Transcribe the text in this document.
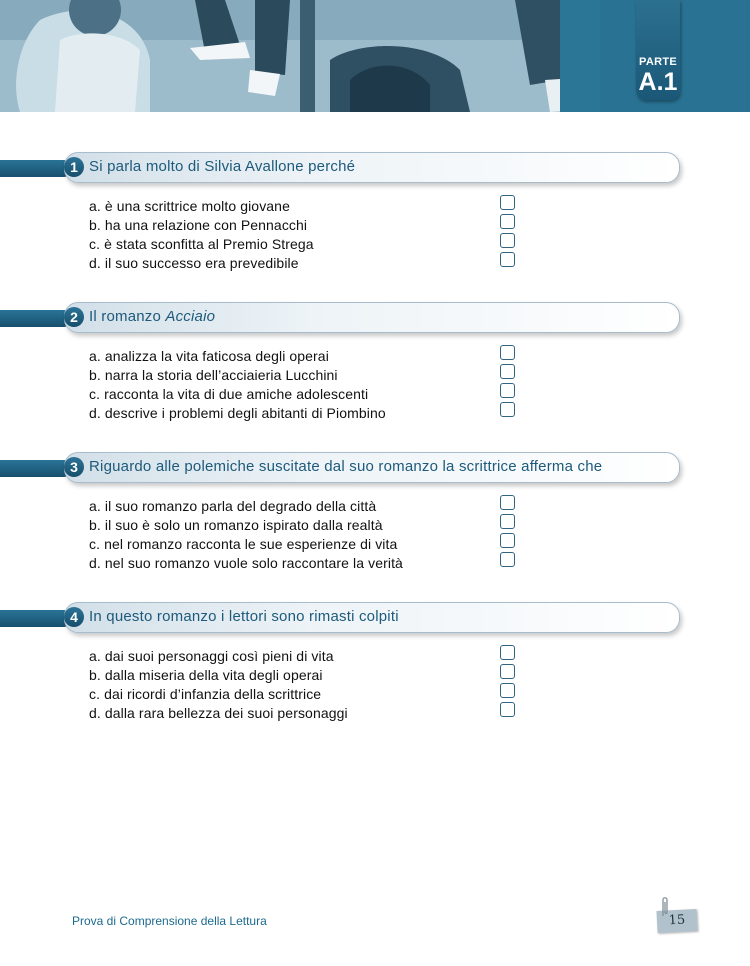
PARTE
A.1
1 Si parla molto di Silvia Avallone perché
a. è una scrittrice molto giovane
b. ha una relazione con Pennacchi
c. è stata sconfitta al Premio Strega
d. il suo successo era prevedibile
2 Il romanzo Acciaio
a. analizza la vita faticosa degli operai
b. narra la storia dell’acciaieria Lucchini
c. racconta la vita di due amiche adolescenti
d. descrive i problemi degli abitanti di Piombino
3 Riguardo alle polemiche suscitate dal suo romanzo la scrittrice afferma che
a. il suo romanzo parla del degrado della città
b. il suo è solo un romanzo ispirato dalla realtà
c. nel romanzo racconta le sue esperienze di vita
d. nel suo romanzo vuole solo raccontare la verità
4 In questo romanzo i lettori sono rimasti colpiti
a. dai suoi personaggi così pieni di vita
b. dalla miseria della vita degli operai
c. dai ricordi d’infanzia della scrittrice
d. dalla rara bellezza dei suoi personaggi
Prova di Comprensione della Lettura	15
